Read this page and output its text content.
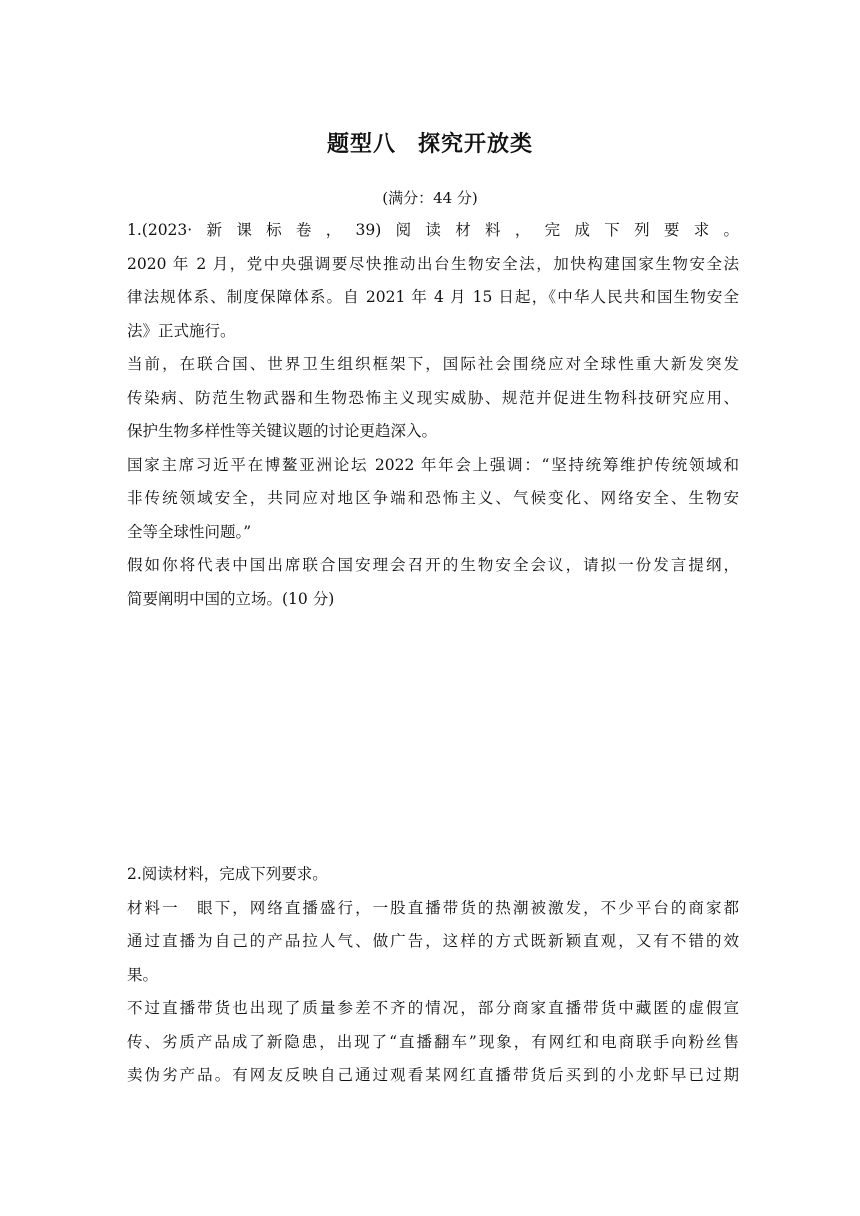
题型八 探究开放类
(满分：44 分)
1.(2023·新课标卷，39)阅读材料，完成下列要求。
2020 年 2 月，党中央强调要尽快推动出台生物安全法，加快构建国家生物安全法
律法规体系、制度保障体系。自 2021 年 4 月 15 日起，《中华人民共和国生物安全
法》正式施行。
当前，在联合国、世界卫生组织框架下，国际社会围绕应对全球性重大新发突发
传染病、防范生物武器和生物恐怖主义现实威胁、规范并促进生物科技研究应用、
保护生物多样性等关键议题的讨论更趋深入。
国家主席习近平在博鳌亚洲论坛 2022 年年会上强调：“坚持统筹维护传统领域和
非传统领域安全，共同应对地区争端和恐怖主义、气候变化、网络安全、生物安
全等全球性问题。”
假如你将代表中国出席联合国安理会召开的生物安全会议，请拟一份发言提纲，
简要阐明中国的立场。(10 分)
2.阅读材料，完成下列要求。
材料一　眼下，网络直播盛行，一股直播带货的热潮被激发，不少平台的商家都
通过直播为自己的产品拉人气、做广告，这样的方式既新颖直观，又有不错的效
果。
不过直播带货也出现了质量参差不齐的情况，部分商家直播带货中藏匿的虚假宣
传、劣质产品成了新隐患，出现了“直播翻车”现象，有网红和电商联手向粉丝售
卖伪劣产品。有网友反映自己通过观看某网红直播带货后买到的小龙虾早已过期
